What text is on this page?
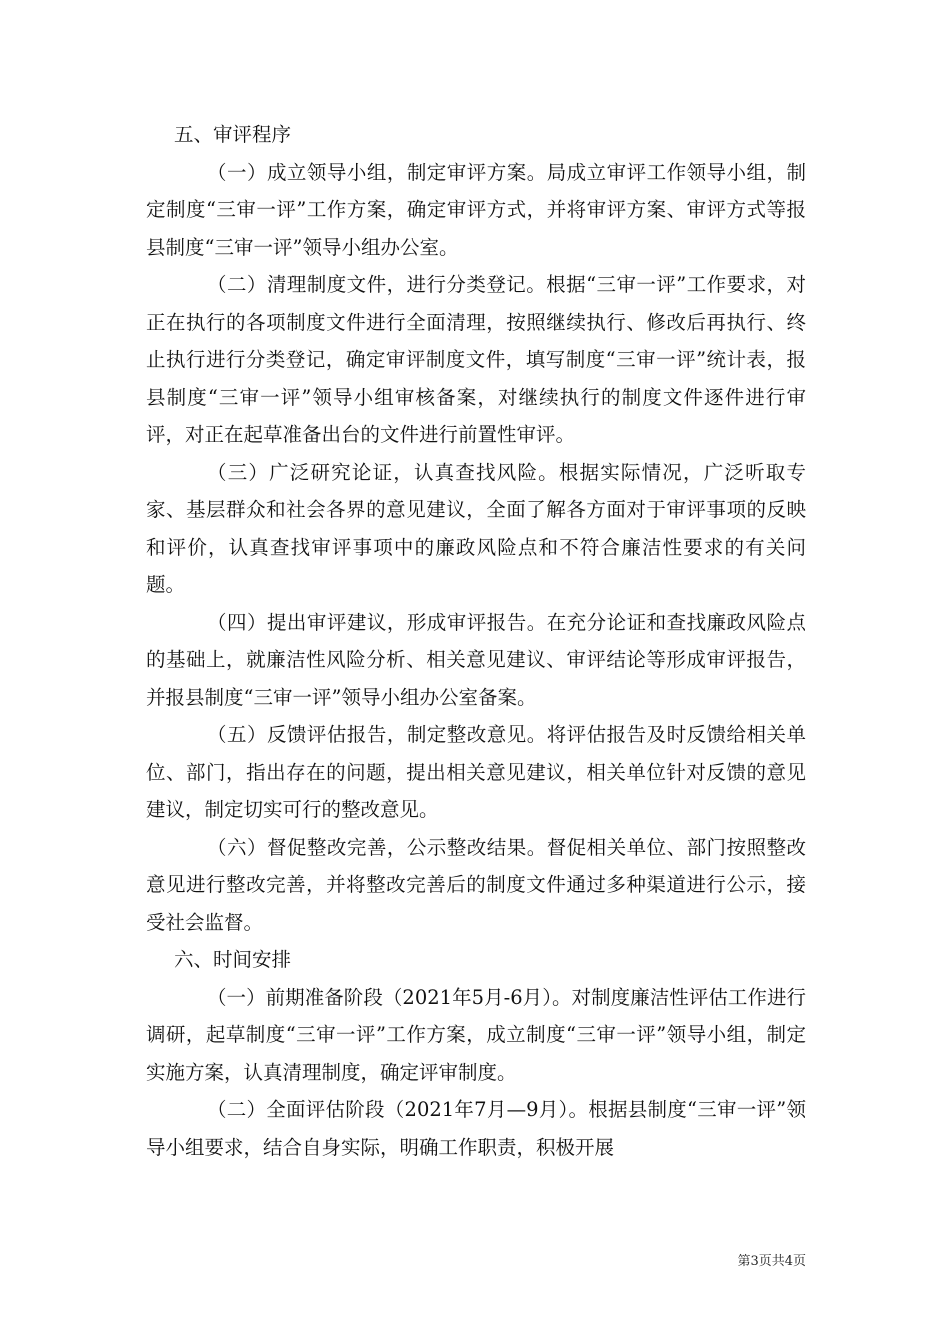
五、审评程序

（一）成立领导小组，制定审评方案。局成立审评工作领导小组，制定制度“三审一评”工作方案，确定审评方式，并将审评方案、审评方式等报县制度“三审一评”领导小组办公室。

（二）清理制度文件，进行分类登记。根据“三审一评”工作要求，对正在执行的各项制度文件进行全面清理，按照继续执行、修改后再执行、终止执行进行分类登记，确定审评制度文件，填写制度“三审一评”统计表，报县制度“三审一评”领导小组审核备案，对继续执行的制度文件逐件进行审评，对正在起草准备出台的文件进行前置性审评。

（三）广泛研究论证，认真查找风险。根据实际情况，广泛听取专家、基层群众和社会各界的意见建议，全面了解各方面对于审评事项的反映和评价，认真查找审评事项中的廉政风险点和不符合廉洁性要求的有关问题。

（四）提出审评建议，形成审评报告。在充分论证和查找廉政风险点的基础上，就廉洁性风险分析、相关意见建议、审评结论等形成审评报告，并报县制度“三审一评”领导小组办公室备案。

（五）反馈评估报告，制定整改意见。将评估报告及时反馈给相关单位、部门，指出存在的问题，提出相关意见建议，相关单位针对反馈的意见建议，制定切实可行的整改意见。

（六）督促整改完善，公示整改结果。督促相关单位、部门按照整改意见进行整改完善，并将整改完善后的制度文件通过多种渠道进行公示，接受社会监督。

六、时间安排

（一）前期准备阶段（2021年5月-6月）。对制度廉洁性评估工作进行调研，起草制度“三审一评”工作方案，成立制度“三审一评”领导小组，制定实施方案，认真清理制度，确定评审制度。

（二）全面评估阶段（2021年7月—9月）。根据县制度“三审一评”领导小组要求，结合自身实际，明确工作职责，积极开展

第3页共4页
